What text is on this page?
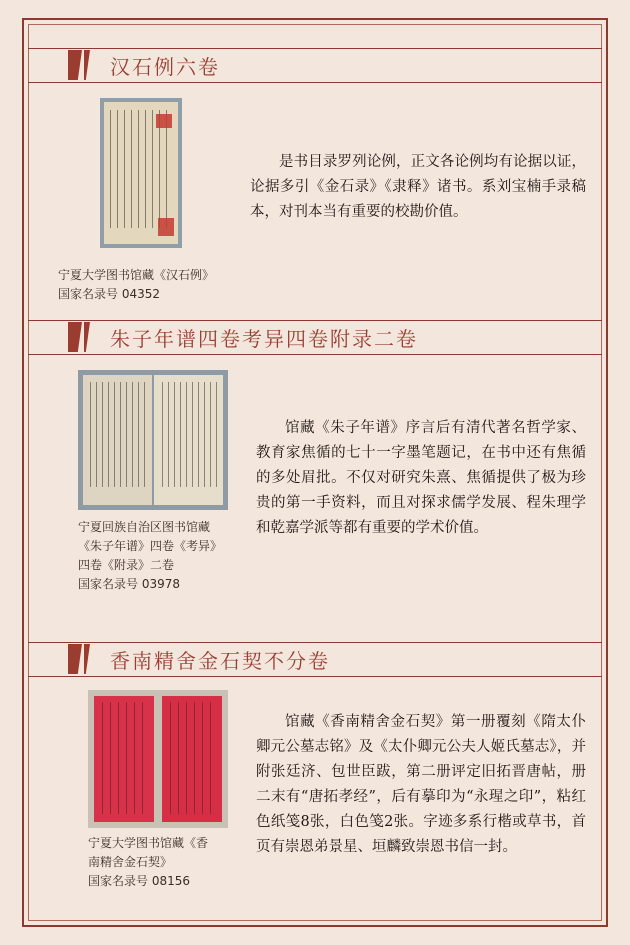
汉石例六卷
宁夏大学图书馆藏《汉石例》
国家名录号 04352

是书目录罗列论例，正文各论例均有论据以证，论据多引《金石录》《隶释》诸书。系刘宝楠手录稿本，对刊本当有重要的校勘价值。

朱子年谱四卷考异四卷附录二卷
宁夏回族自治区图书馆藏
《朱子年谱》四卷《考异》
四卷《附录》二卷
国家名录号 03978

馆藏《朱子年谱》序言后有清代著名哲学家、教育家焦循的七十一字墨笔题记，在书中还有焦循的多处眉批。不仅对研究朱熹、焦循提供了极为珍贵的第一手资料，而且对探求儒学发展、程朱理学和乾嘉学派等都有重要的学术价值。

香南精舍金石契不分卷
宁夏大学图书馆藏《香
南精舍金石契》
国家名录号 08156

馆藏《香南精舍金石契》第一册覆刻《隋太仆卿元公墓志铭》及《太仆卿元公夫人姬氏墓志》，并附张廷济、包世臣跋，第二册评定旧拓晋唐帖，册二末有“唐拓孝经”，后有摹印为“永瑆之印”，粘红色纸笺8张，白色笺2张。字迹多系行楷或草书，首页有崇恩弟景星、垣麟致崇恩书信一封。
